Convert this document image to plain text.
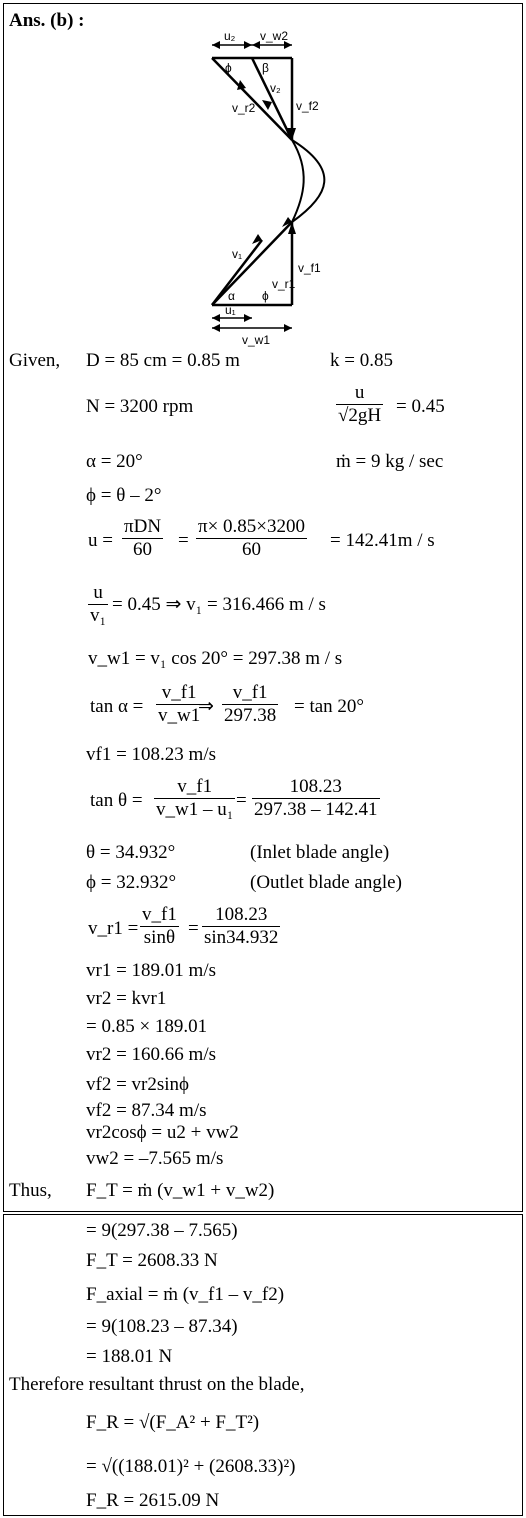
Ans. (b) :
u₂ v_w2
ϕ	β
v₂
v_r2	v_f2
v₁
v_f1
v_r1
α ϕ
u₁
v_w1
Given, D = 85 cm = 0.85 m	k = 0.85
N = 3200 rpm	$\frac{u}{√2gH} = 0.45$
α = 20°	ṁ = 9 kg / sec
ϕ = θ – 2°
u =
πDN
60	= $\frac{\pi\times 0.85\times 3200}{60} = 142.41m / s$
$\frac{u}{\text{v₁}} = 0.45$ ⇒ v₁ = 316.466 m / s
v_w1 = v₁ cos 20° = 297.38 m / s
$\tan \alpha = \frac{v\_f1}{v\_w1}$
⇒ $\frac{v\_f1}{297.38} = \tan 20^\circ$
vf1 = 108.23 m/s
$\tan \theta = \frac{v\_f1}{\text{v\_w1 – u₁}} = \frac{108.23}{297.38 - 142.41}$
θ = 34.932°	(Inlet blade angle)
ϕ = 32.932°	(Outlet blade angle)
v_r1 = $\frac{v\_f1}{\sin\theta} = \frac{108.23}{\sin 34.932}$
vr1 = 189.01 m/s
vr2 = kvr1
= 0.85 × 189.01
vr2 = 160.66 m/s
vf2 = vr2sinϕ
vf2 = 87.34 m/s
vr2cosϕ = u2 + vw2
vw2 = –7.565 m/s
Thus, F_T = ṁ (v_w1 + v_w2)
= 9(297.38 – 7.565)
F_T = 2608.33 N
F_axial = ṁ (v_f1 – v_f2)
= 9(108.23 – 87.34)
= 188.01 N
Therefore resultant thrust on the blade,
F_R = √(F_A² + F_T²)
= √((188.01)² + (2608.33)²)
F_R = 2615.09 N
